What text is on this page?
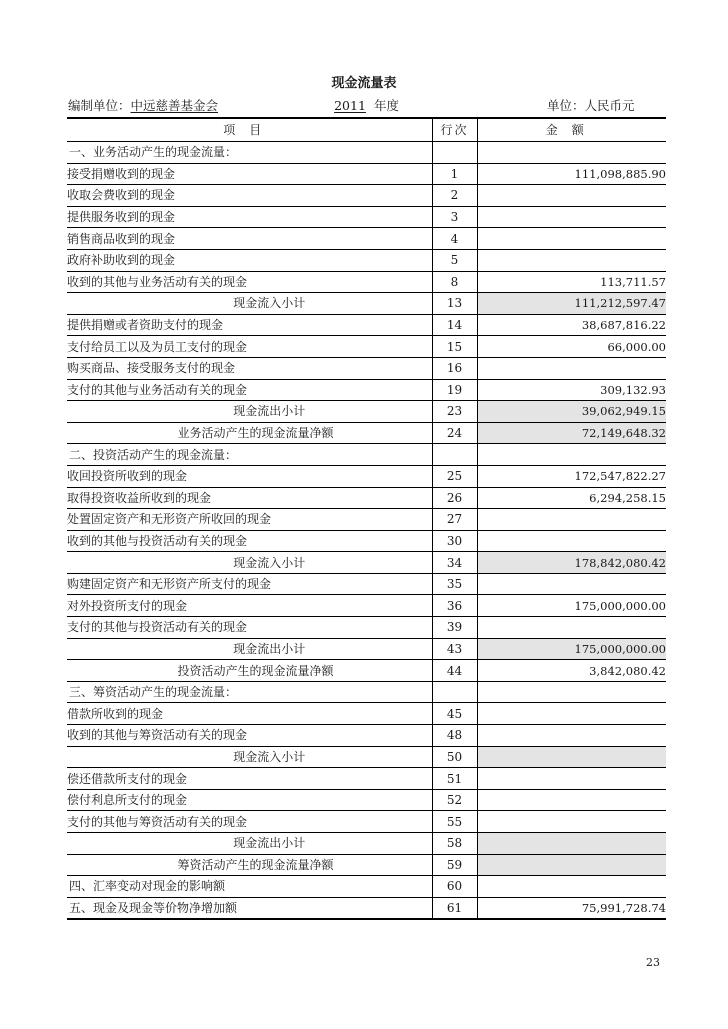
现金流量表
编制单位：中远慈善基金会	2011 年度	单位：人民币元
项目	行次	金额
一、业务活动产生的现金流量：		
接受捐赠收到的现金	1	111,098,885.90
收取会费收到的现金	2	
提供服务收到的现金	3	
销售商品收到的现金	4	
政府补助收到的现金	5	
收到的其他与业务活动有关的现金	8	113,711.57
现金流入小计	13	111,212,597.47
提供捐赠或者资助支付的现金	14	38,687,816.22
支付给员工以及为员工支付的现金	15	66,000.00
购买商品、接受服务支付的现金	16	
支付的其他与业务活动有关的现金	19	309,132.93
现金流出小计	23	39,062,949.15
业务活动产生的现金流量净额	24	72,149,648.32
二、投资活动产生的现金流量：		
收回投资所收到的现金	25	172,547,822.27
取得投资收益所收到的现金	26	6,294,258.15
处置固定资产和无形资产所收回的现金	27	
收到的其他与投资活动有关的现金	30	
现金流入小计	34	178,842,080.42
购建固定资产和无形资产所支付的现金	35	
对外投资所支付的现金	36	175,000,000.00
支付的其他与投资活动有关的现金	39	
现金流出小计	43	175,000,000.00
投资活动产生的现金流量净额	44	3,842,080.42
三、筹资活动产生的现金流量：		
借款所收到的现金	45	
收到的其他与筹资活动有关的现金	48	
现金流入小计	50	
偿还借款所支付的现金	51	
偿付利息所支付的现金	52	
支付的其他与筹资活动有关的现金	55	
现金流出小计	58	
筹资活动产生的现金流量净额	59	
四、汇率变动对现金的影响额	60	
五、现金及现金等价物净增加额	61	75,991,728.74
23
